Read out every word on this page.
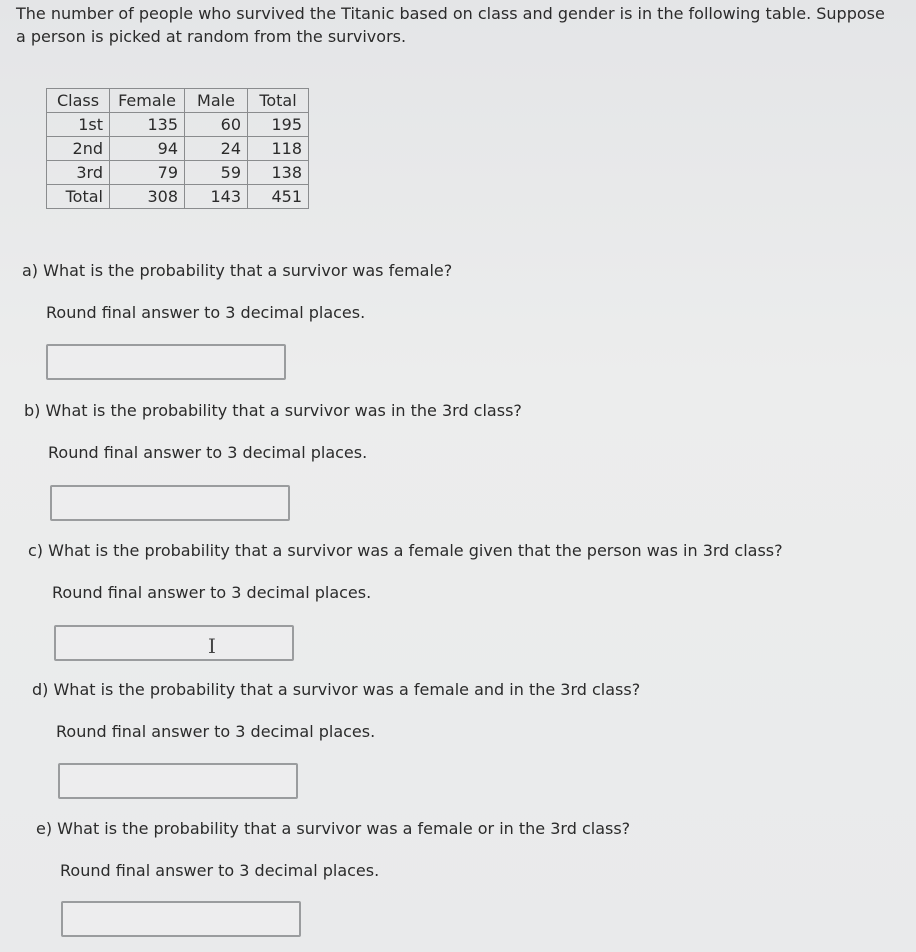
The number of people who survived the Titanic based on class and gender is in the following table. Suppose
a person is picked at random from the survivors.
Class	Female	Male	Total
1st	135	60	195
2nd	94	24	118
3rd	79	59	138
Total	308	143	451
a) What is the probability that a survivor was female?
Round final answer to 3 decimal places.
b) What is the probability that a survivor was in the 3rd class?
Round final answer to 3 decimal places.
c) What is the probability that a survivor was a female given that the person was in 3rd class?
Round final answer to 3 decimal places.
I
d) What is the probability that a survivor was a female and in the 3rd class?
Round final answer to 3 decimal places.
e) What is the probability that a survivor was a female or in the 3rd class?
Round final answer to 3 decimal places.
